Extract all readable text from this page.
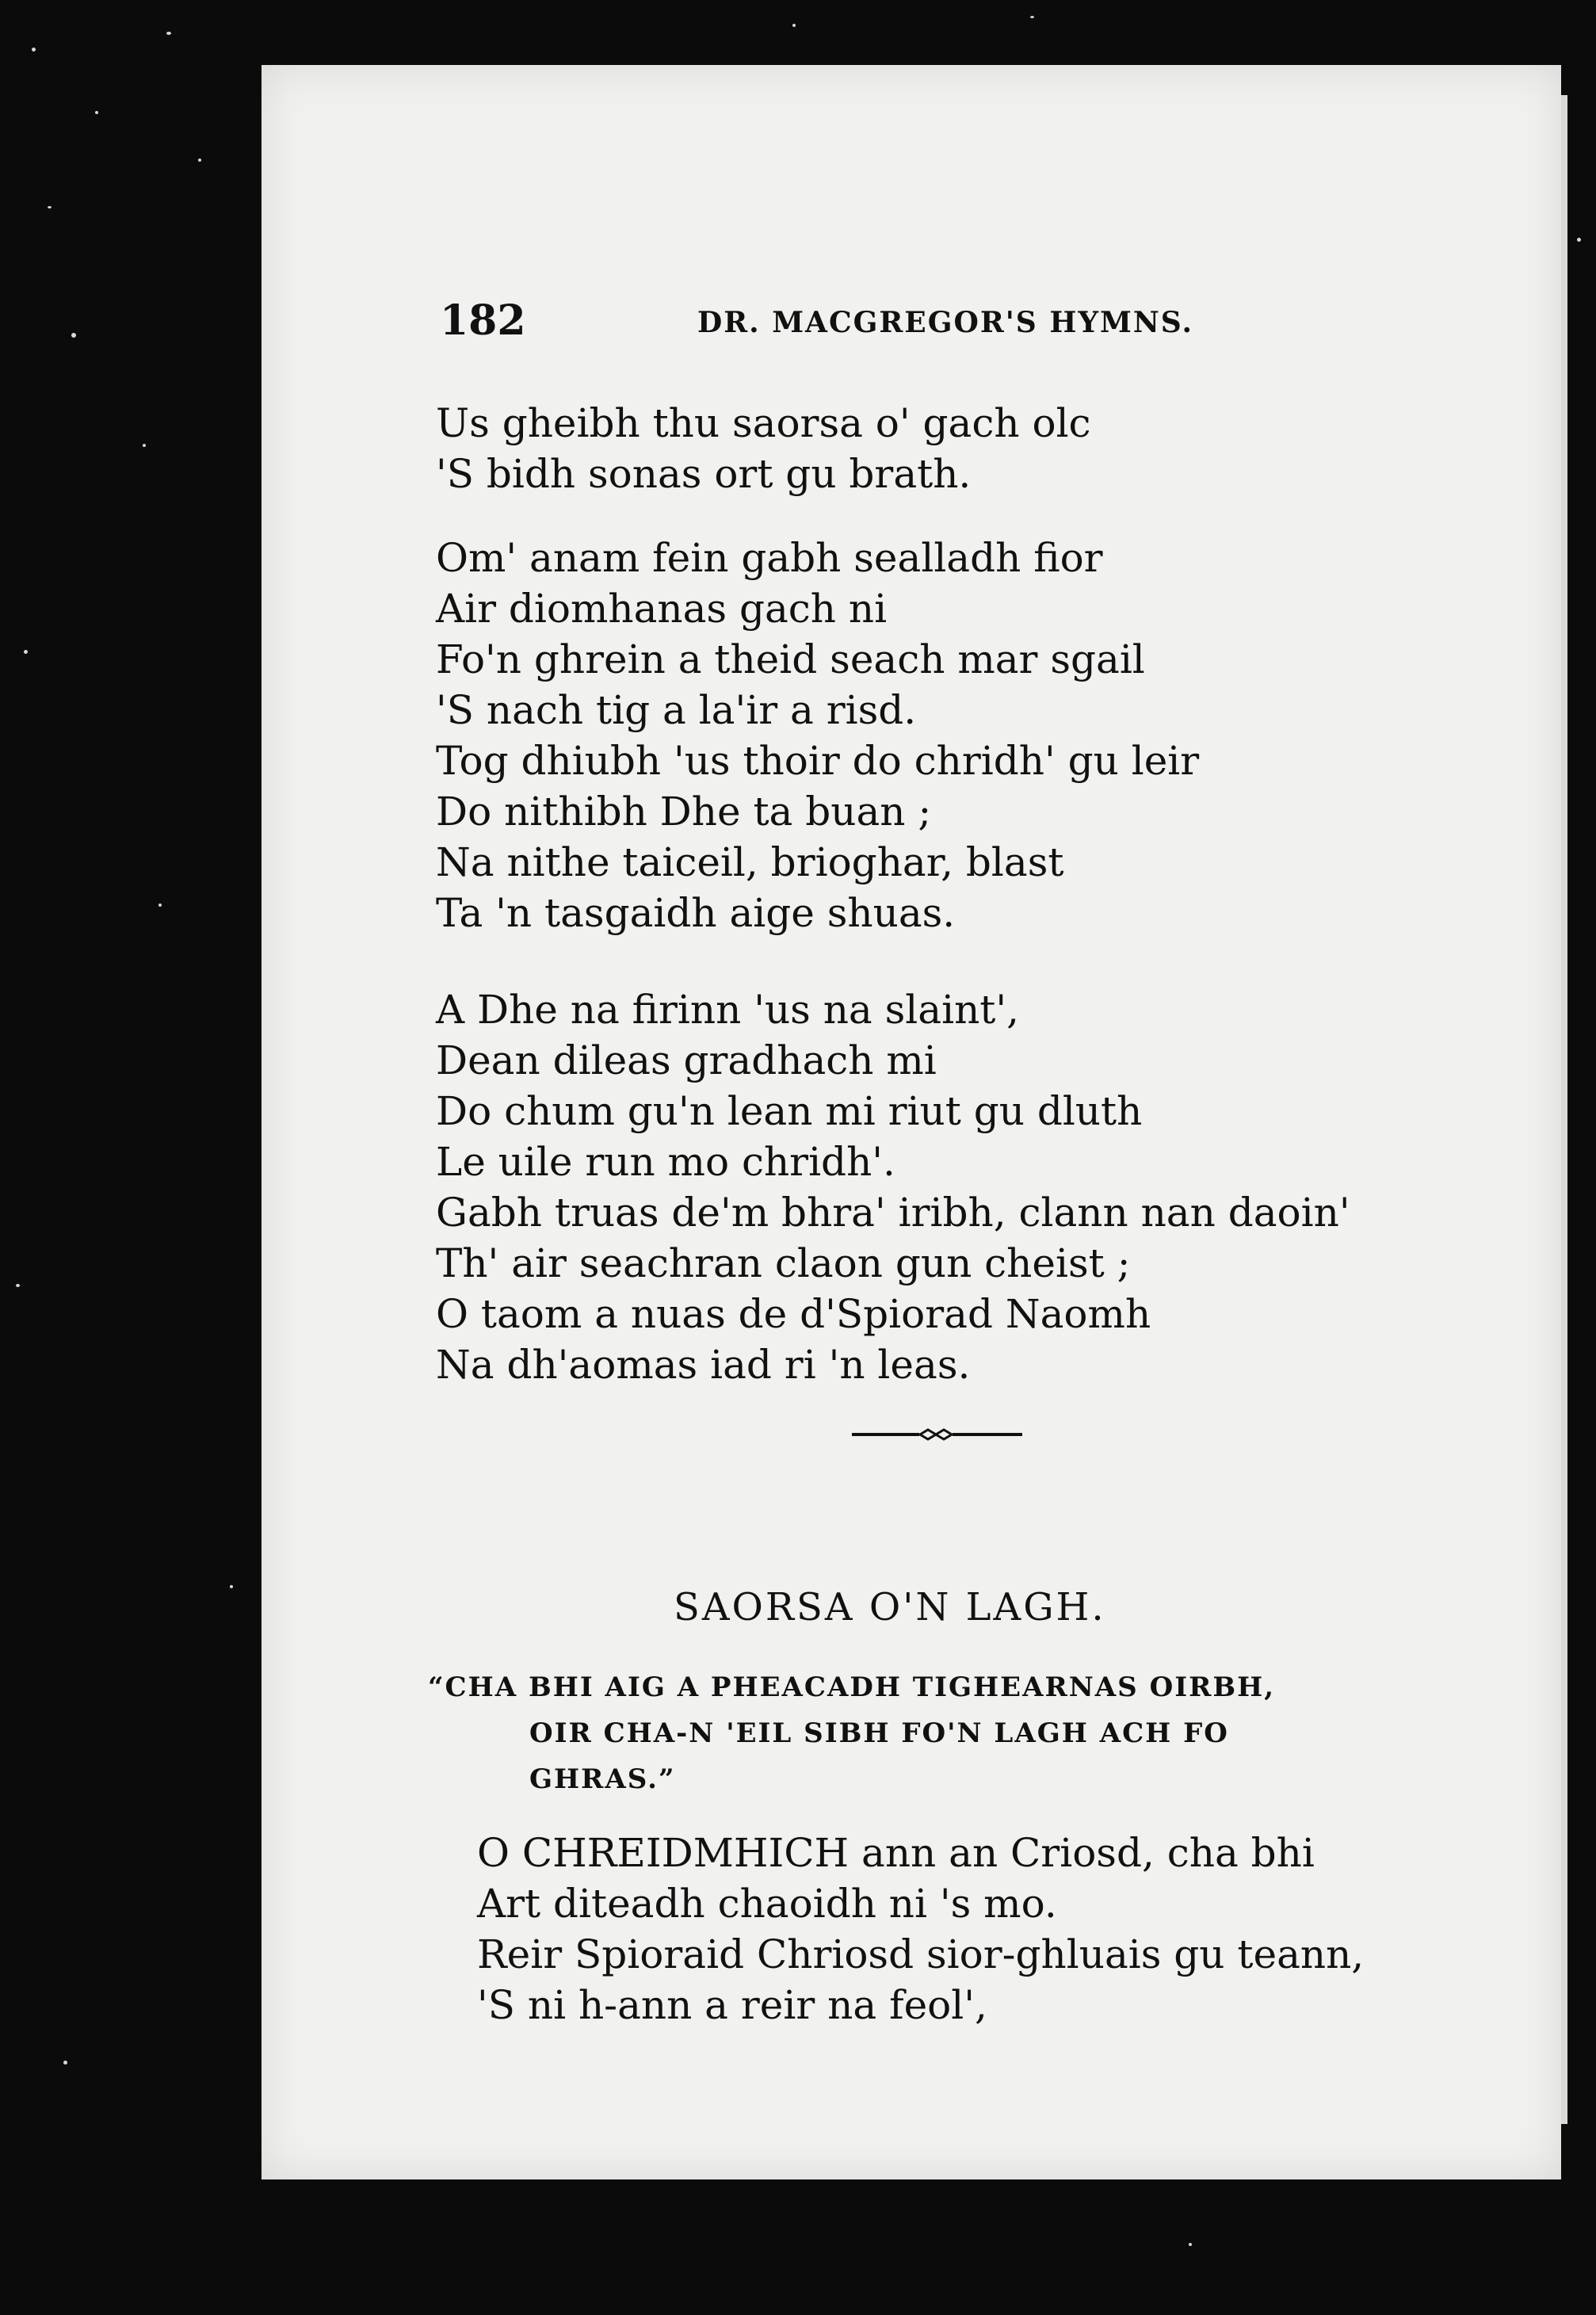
182	DR. MACGREGOR'S HYMNS.
Us gheibh thu saorsa o' gach olc
'S bidh sonas ort gu brath.
Om' anam fein gabh sealladh fior
Air diomhanas gach ni
Fo'n ghrein a theid seach mar sgail
'S nach tig a la'ir a risd.
Tog dhiubh 'us thoir do chridh' gu leir
Do nithibh Dhe ta buan ;
Na nithe taiceil, brioghar, blast
Ta 'n tasgaidh aige shuas.
A Dhe na firinn 'us na slaint',
Dean dileas gradhach mi
Do chum gu'n lean mi riut gu dluth
Le uile run mo chridh'.
Gabh truas de'm bhra' iribh, clann nan daoin'
Th' air seachran claon gun cheist ;
O taom a nuas de d'Spiorad Naomh
Na dh'aomas iad ri 'n leas.
SAORSA O'N LAGH.
“CHA BHI AIG A PHEACADH TIGHEARNAS OIRBH,
OIR CHA-N 'EIL SIBH FO'N LAGH ACH FO
GHRAS.”
O CHREIDMHICH ann an Criosd, cha bhi
Art diteadh chaoidh ni 's mo.
Reir Spioraid Chriosd sior-ghluais gu teann,
'S ni h-ann a reir na feol',
